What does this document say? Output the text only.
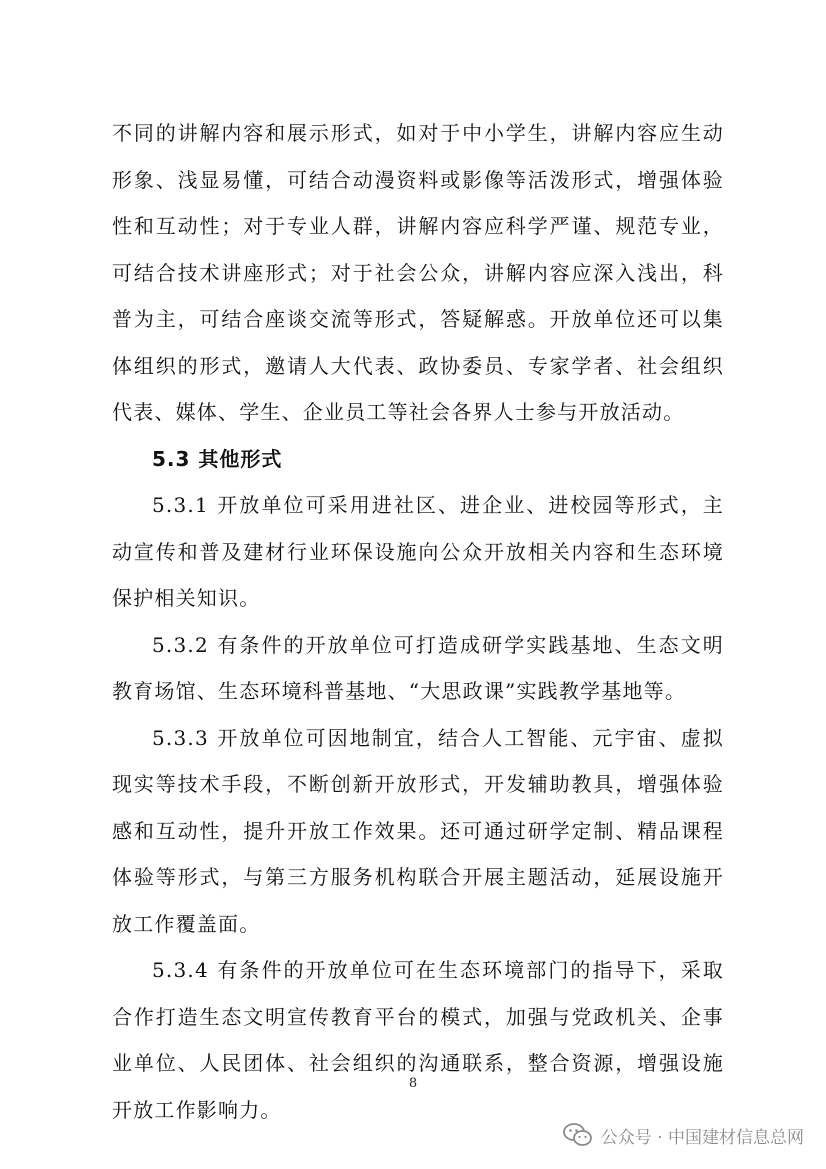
不同的讲解内容和展示形式，如对于中小学生，讲解内容应生动形象、浅显易懂，可结合动漫资料或影像等活泼形式，增强体验性和互动性；对于专业人群，讲解内容应科学严谨、规范专业，可结合技术讲座形式；对于社会公众，讲解内容应深入浅出，科普为主，可结合座谈交流等形式，答疑解惑。开放单位还可以集体组织的形式，邀请人大代表、政协委员、专家学者、社会组织代表、媒体、学生、企业员工等社会各界人士参与开放活动。

5.3 其他形式

5.3.1 开放单位可采用进社区、进企业、进校园等形式，主动宣传和普及建材行业环保设施向公众开放相关内容和生态环境保护相关知识。

5.3.2 有条件的开放单位可打造成研学实践基地、生态文明教育场馆、生态环境科普基地、“大思政课”实践教学基地等。

5.3.3 开放单位可因地制宜，结合人工智能、元宇宙、虚拟现实等技术手段，不断创新开放形式，开发辅助教具，增强体验感和互动性，提升开放工作效果。还可通过研学定制、精品课程体验等形式，与第三方服务机构联合开展主题活动，延展设施开放工作覆盖面。

5.3.4 有条件的开放单位可在生态环境部门的指导下，采取合作打造生态文明宣传教育平台的模式，加强与党政机关、企事业单位、人民团体、社会组织的沟通联系，整合资源，增强设施开放工作影响力。

8
公众号 · 中国建材信息总网
